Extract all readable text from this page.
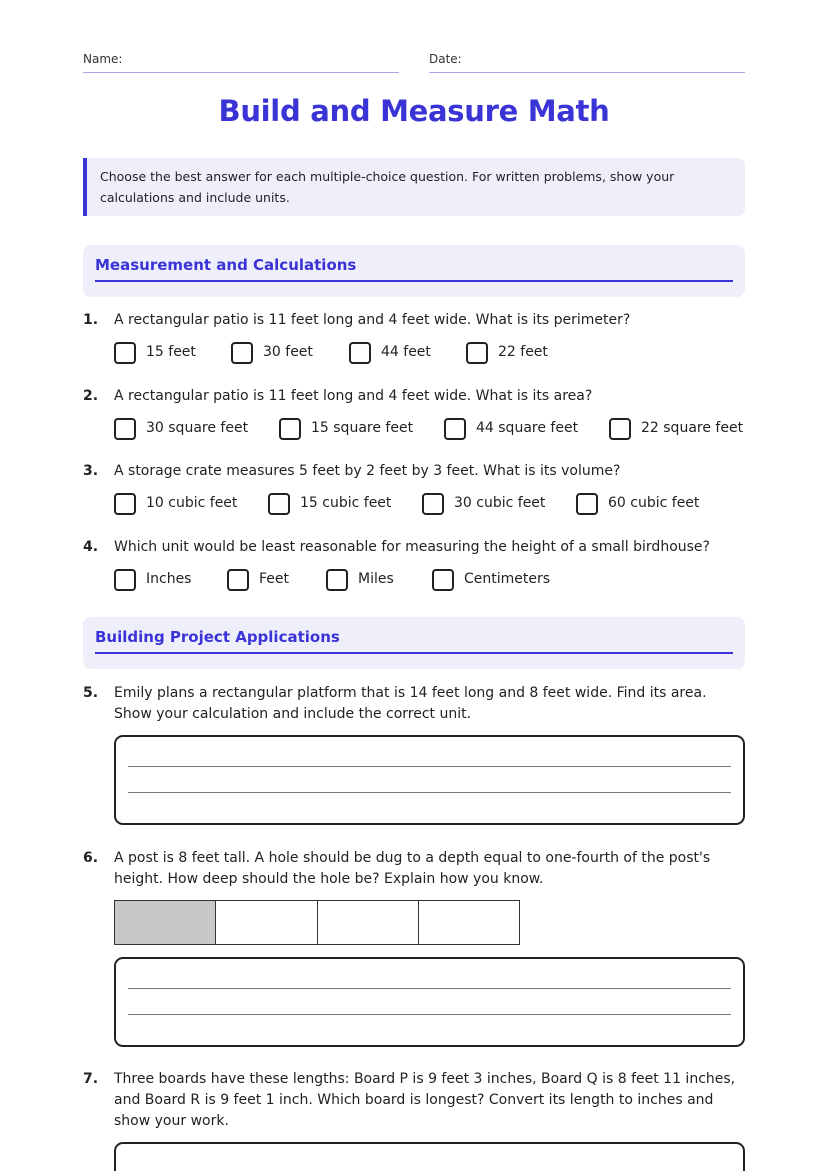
Name:	Date:
Build and Measure Math
Choose the best answer for each multiple-choice question. For written problems, show your calculations and include units.
Measurement and Calculations
1. A rectangular patio is 11 feet long and 4 feet wide. What is its perimeter?
15 feet	30 feet	44 feet	22 feet
2. A rectangular patio is 11 feet long and 4 feet wide. What is its area?
30 square feet	15 square feet	44 square feet	22 square feet
3. A storage crate measures 5 feet by 2 feet by 3 feet. What is its volume?
10 cubic feet	15 cubic feet	30 cubic feet	60 cubic feet
4. Which unit would be least reasonable for measuring the height of a small birdhouse?
Inches	Feet	Miles	Centimeters
Building Project Applications
5. Emily plans a rectangular platform that is 14 feet long and 8 feet wide. Find its area. Show your calculation and include the correct unit.
6. A post is 8 feet tall. A hole should be dug to a depth equal to one-fourth of the post's height. How deep should the hole be? Explain how you know.
7. Three boards have these lengths: Board P is 9 feet 3 inches, Board Q is 8 feet 11 inches, and Board R is 9 feet 1 inch. Which board is longest? Convert its length to inches and show your work.
